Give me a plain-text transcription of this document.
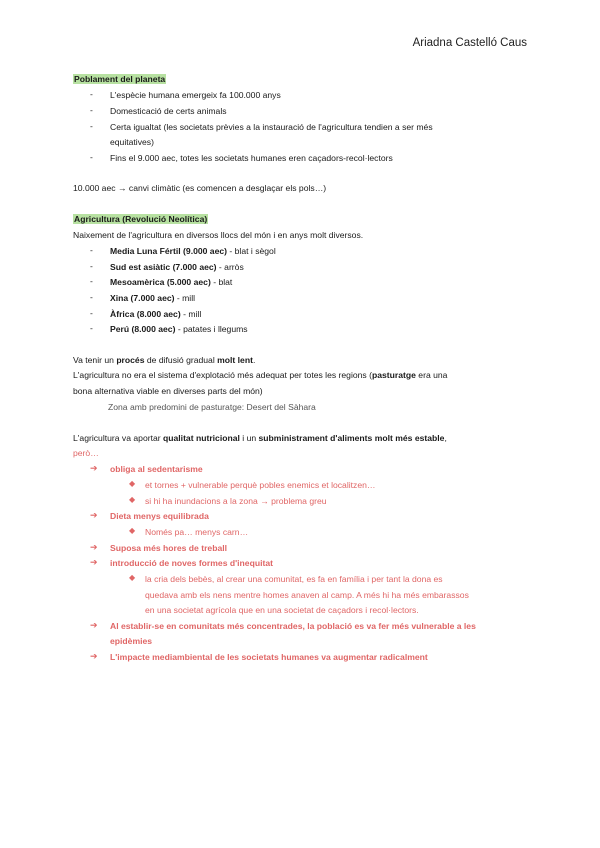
Ariadna Castelló Caus
Poblament del planeta
- L'espècie humana emergeix fa 100.000 anys
- Domesticació de certs animals
- Certa igualtat (les societats prèvies a la instauració de l'agricultura tendien a ser més
equitatives)
- Fins el 9.000 aec, totes les societats humanes eren caçadors-recol·lectors
10.000 aec → canvi climàtic (es comencen a desglaçar els pols…)
Agricultura (Revolució Neolítica)
Naixement de l'agricultura en diversos llocs del món i en anys molt diversos.
- Media Luna Fértil (9.000 aec) - blat i sègol
- Sud est asiàtic (7.000 aec) - arròs
- Mesoamèrica (5.000 aec) - blat
- Xina (7.000 aec) - mill
- Àfrica (8.000 aec) - mill
- Perú (8.000 aec) - patates i llegums
Va tenir un procés de difusió gradual molt lent.
L'agricultura no era el sistema d'explotació més adequat per totes les regions (pasturatge era una
bona alternativa viable en diverses parts del món)
Zona amb predomini de pasturatge: Desert del Sàhara
L'agricultura va aportar qualitat nutricional i un subministrament d'aliments molt més estable,
però…
➔ obliga al sedentarisme
◆ et tornes + vulnerable perquè pobles enemics et localitzen…
◆ si hi ha inundacions a la zona → problema greu
➔ Dieta menys equilibrada
◆ Només pa… menys carn…
➔ Suposa més hores de treball
➔ introducció de noves formes d'inequitat
◆ la cria dels bebès, al crear una comunitat, es fa en família i per tant la dona es
quedava amb els nens mentre homes anaven al camp. A més hi ha més embarassos
en una societat agrícola que en una societat de caçadors i recol·lectors.
➔ Al establir-se en comunitats més concentrades, la població es va fer més vulnerable a les
epidèmies
➔ L'impacte mediambiental de les societats humanes va augmentar radicalment
